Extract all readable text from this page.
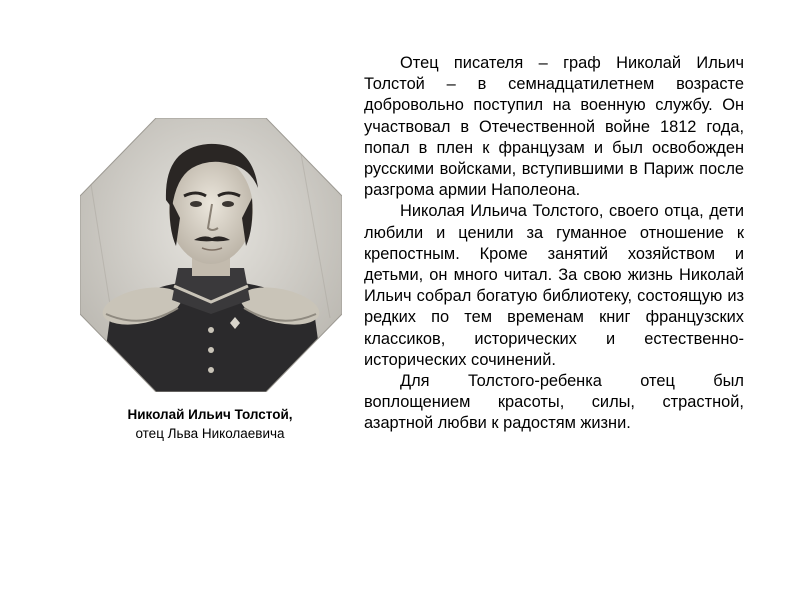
Николай Ильич Толстой,
отец Льва Николаевича

Отец писателя – граф Николай Ильич Толстой – в семнадцатилетнем возрасте добровольно поступил на военную службу. Он участвовал в Отечественной войне 1812 года, попал в плен к французам и был освобожден русскими войсками, вступившими в Париж после разгрома армии Наполеона.

Николая Ильича Толстого, своего отца, дети любили и ценили за гуманное отношение к крепостным. Кроме занятий хозяйством и детьми, он много читал. За свою жизнь Николай Ильич собрал богатую библиотеку, состоящую из редких по тем временам книг французских классиков, исторических и естественно-исторических сочинений.

Для Толстого-ребенка отец был воплощением красоты, силы, страстной, азартной любви к радостям жизни.
